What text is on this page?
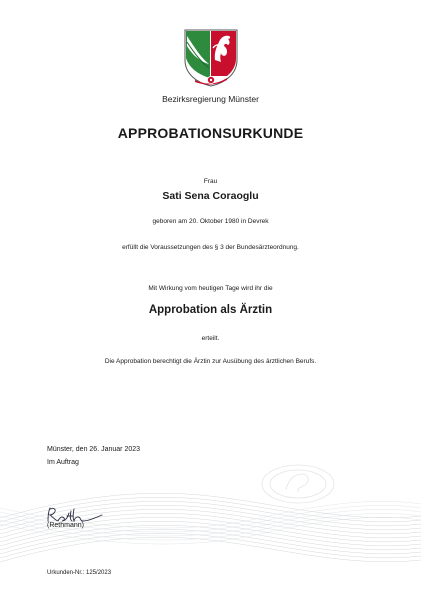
Bezirksregierung Münster
APPROBATIONSURKUNDE
Frau
Sati Sena Coraoglu
geboren am 20. Oktober 1980 in Devrek
erfüllt die Voraussetzungen des § 3 der Bundesärzteordnung.
Mit Wirkung vom heutigen Tage wird ihr die
Approbation als Ärztin
erteilt.
Die Approbation berechtigt die Ärztin zur Ausübung des ärztlichen Berufs.
Münster, den 26. Januar 2023
Im Auftrag
(Rethmann)
Urkunden-Nr.: 125/2023
